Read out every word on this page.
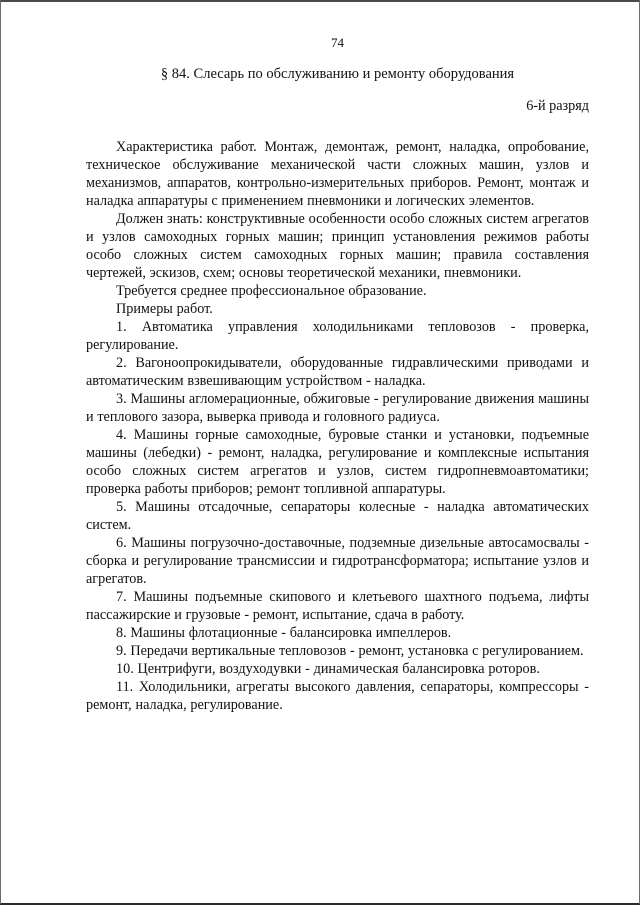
74
§ 84. Слесарь по обслуживанию и ремонту оборудования
6-й разряд

Характеристика работ. Монтаж, демонтаж, ремонт, наладка, опробование, техническое обслуживание механической части сложных машин, узлов и механизмов, аппаратов, контрольно-измерительных приборов. Ремонт, монтаж и наладка аппаратуры с применением пневмоники и логических элементов.

Должен знать: конструктивные особенности особо сложных систем агрегатов и узлов самоходных горных машин; принцип установления режимов работы особо сложных систем самоходных горных машин; правила составления чертежей, эскизов, схем; основы теоретической механики, пневмоники.

Требуется среднее профессиональное образование.

Примеры работ.

1. Автоматика управления холодильниками тепловозов - проверка, регулирование.

2. Вагоноопрокидыватели, оборудованные гидравлическими приводами и автоматическим взвешивающим устройством - наладка.

3. Машины агломерационные, обжиговые - регулирование движения машины и теплового зазора, выверка привода и головного радиуса.

4. Машины горные самоходные, буровые станки и установки, подъемные машины (лебедки) - ремонт, наладка, регулирование и комплексные испытания особо сложных систем агрегатов и узлов, систем гидропневмоавтоматики; проверка работы приборов; ремонт топливной аппаратуры.

5. Машины отсадочные, сепараторы колесные - наладка автоматических систем.

6. Машины погрузочно-доставочные, подземные дизельные автосамосвалы - сборка и регулирование трансмиссии и гидротрансформатора; испытание узлов и агрегатов.

7. Машины подъемные скипового и клетьевого шахтного подъема, лифты пассажирские и грузовые - ремонт, испытание, сдача в работу.

8. Машины флотационные - балансировка импеллеров.

9. Передачи вертикальные тепловозов - ремонт, установка с регулированием.

10. Центрифуги, воздуходувки - динамическая балансировка роторов.

11. Холодильники, агрегаты высокого давления, сепараторы, компрессоры - ремонт, наладка, регулирование.
